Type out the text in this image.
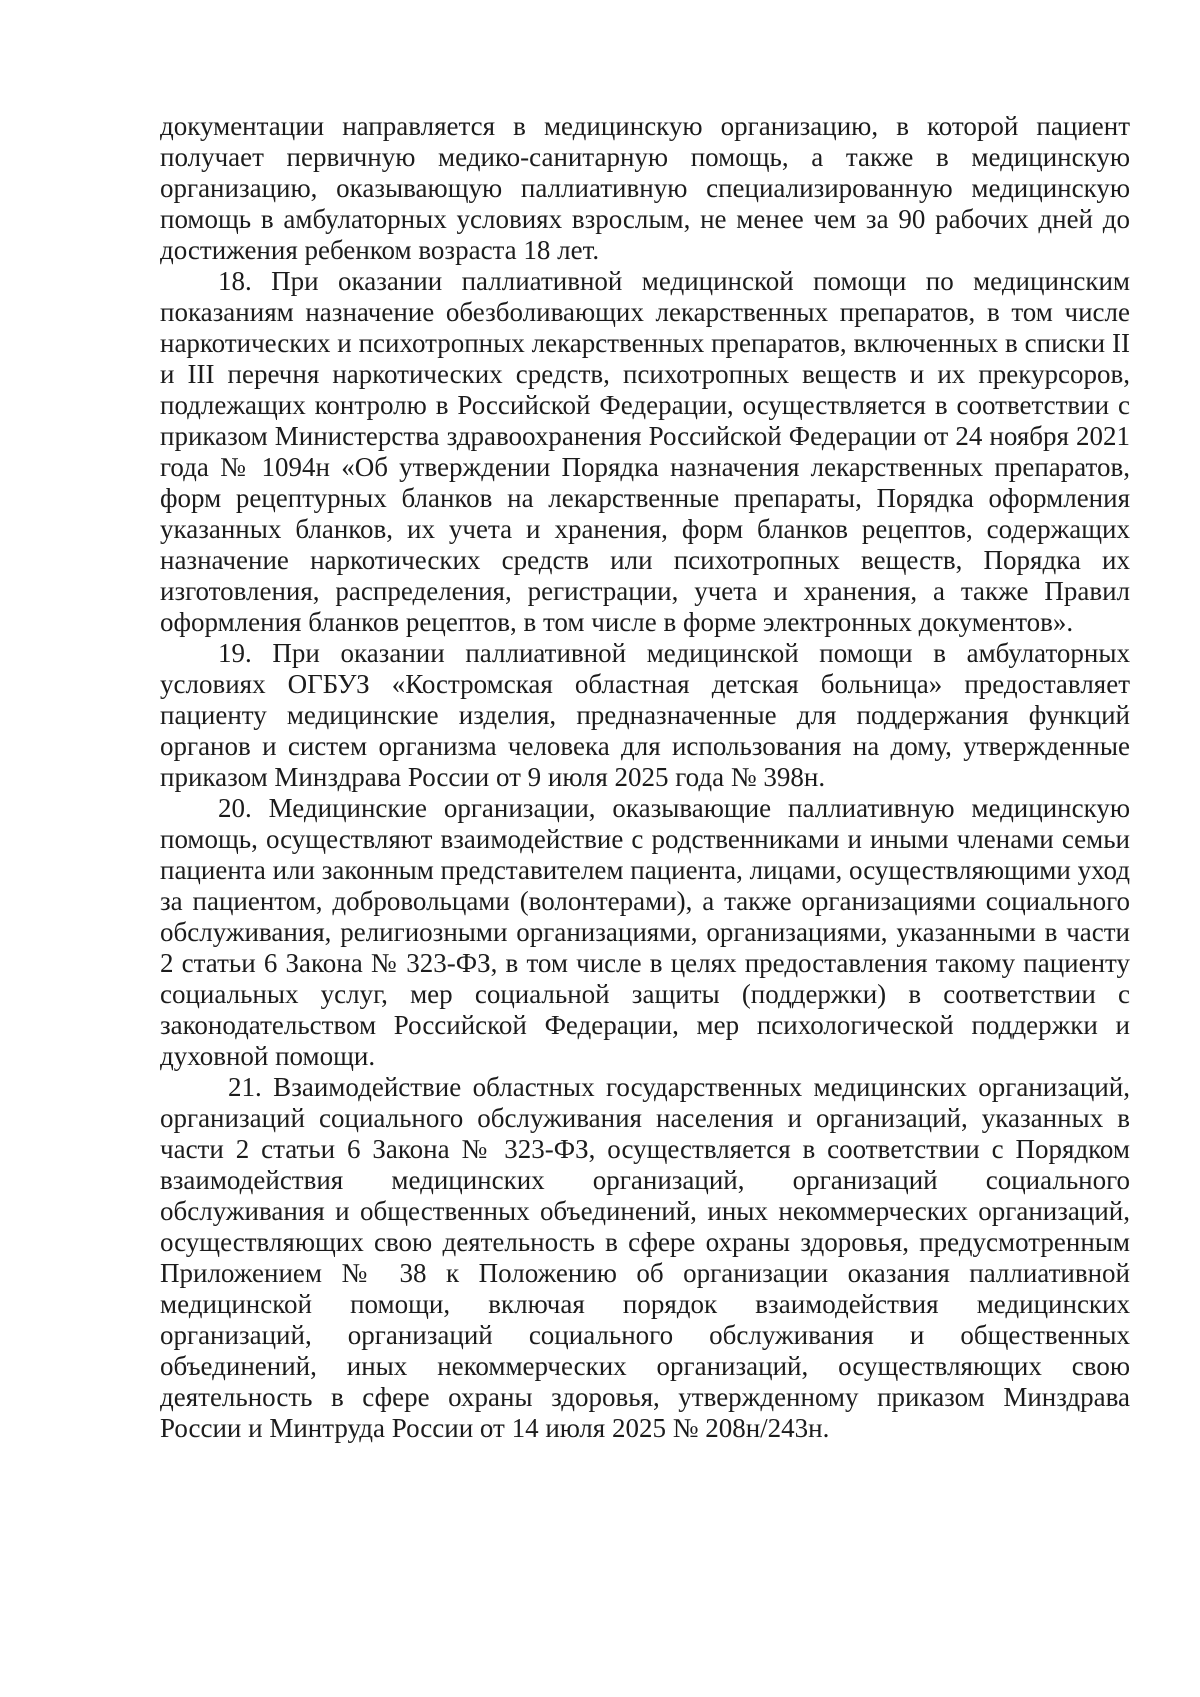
документации направляется в медицинскую организацию, в которой пациент получает первичную медико-санитарную помощь, а также в медицинскую организацию, оказывающую паллиативную специализированную медицинскую помощь в амбулаторных условиях взрослым, не менее чем за 90 рабочих дней до достижения ребенком возраста 18 лет.

18. При оказании паллиативной медицинской помощи по медицинским показаниям назначение обезболивающих лекарственных препаратов, в том числе наркотических и психотропных лекарственных препаратов, включенных в списки II и III перечня наркотических средств, психотропных веществ и их прекурсоров, подлежащих контролю в Российской Федерации, осуществляется в соответствии с приказом Министерства здравоохранения Российской Федерации от 24 ноября 2021 года № 1094н «Об утверждении Порядка назначения лекарственных препаратов, форм рецептурных бланков на лекарственные препараты, Порядка оформления указанных бланков, их учета и хранения, форм бланков рецептов, содержащих назначение наркотических средств или психотропных веществ, Порядка их изготовления, распределения, регистрации, учета и хранения, а также Правил оформления бланков рецептов, в том числе в форме электронных документов».

19. При оказании паллиативной медицинской помощи в амбулаторных условиях ОГБУЗ «Костромская областная детская больница» предоставляет пациенту медицинские изделия, предназначенные для поддержания функций органов и систем организма человека для использования на дому, утвержденные приказом Минздрава России от 9 июля 2025 года № 398н.

20. Медицинские организации, оказывающие паллиативную медицинскую помощь, осуществляют взаимодействие с родственниками и иными членами семьи пациента или законным представителем пациента, лицами, осуществляющими уход за пациентом, добровольцами (волонтерами), а также организациями социального обслуживания, религиозными организациями, организациями, указанными в части 2 статьи 6 Закона № 323-ФЗ, в том числе в целях предоставления такому пациенту социальных услуг, мер социальной защиты (поддержки) в соответствии с законодательством Российской Федерации, мер психологической поддержки и духовной помощи.

21. Взаимодействие областных государственных медицинских организаций, организаций социального обслуживания населения и организаций, указанных в части 2 статьи 6 Закона № 323-ФЗ, осуществляется в соответствии с Порядком взаимодействия медицинских организаций, организаций социального обслуживания и общественных объединений, иных некоммерческих организаций, осуществляющих свою деятельность в сфере охраны здоровья, предусмотренным Приложением № 38 к Положению об организации оказания паллиативной медицинской помощи, включая порядок взаимодействия медицинских организаций, организаций социального обслуживания и общественных объединений, иных некоммерческих организаций, осуществляющих свою деятельность в сфере охраны здоровья, утвержденному приказом Минздрава России и Минтруда России от 14 июля 2025 № 208н/243н.
